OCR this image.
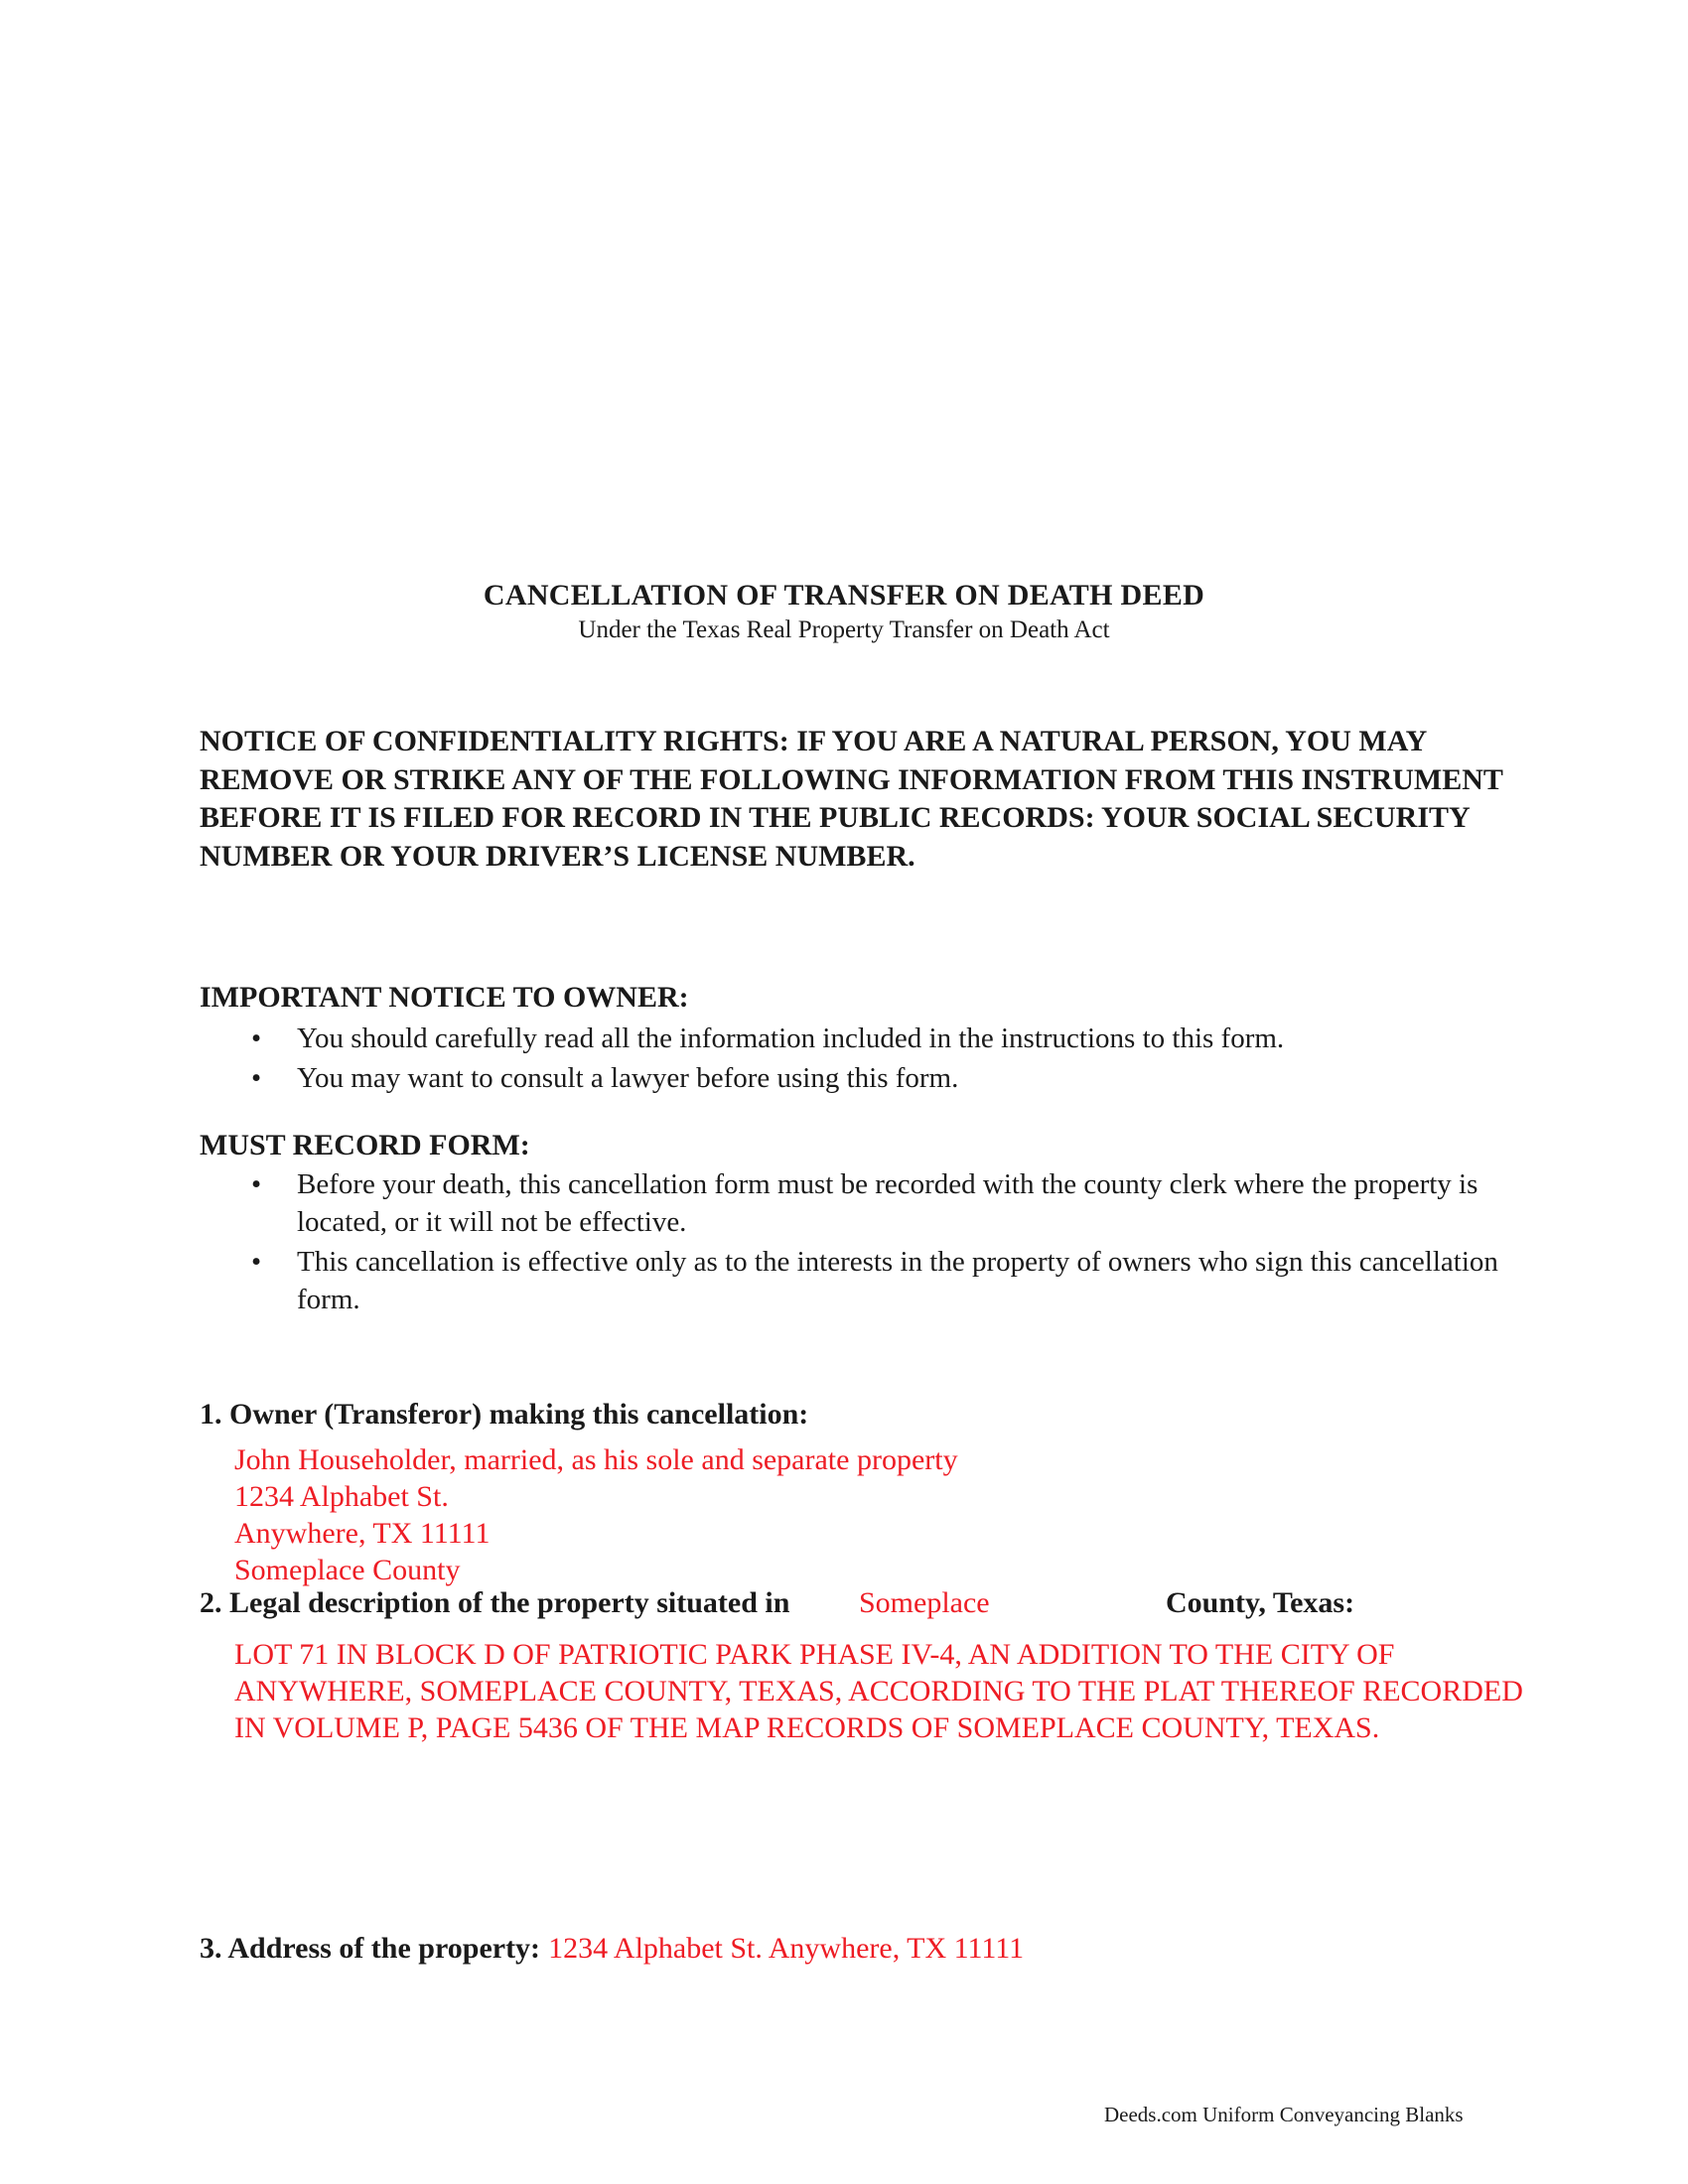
CANCELLATION OF TRANSFER ON DEATH DEED
Under the Texas Real Property Transfer on Death Act
NOTICE OF CONFIDENTIALITY RIGHTS: IF YOU ARE A NATURAL PERSON, YOU MAY REMOVE OR STRIKE ANY OF THE FOLLOWING INFORMATION FROM THIS INSTRUMENT BEFORE IT IS FILED FOR RECORD IN THE PUBLIC RECORDS: YOUR SOCIAL SECURITY NUMBER OR YOUR DRIVER’S LICENSE NUMBER.
IMPORTANT NOTICE TO OWNER:
• You should carefully read all the information included in the instructions to this form.
• You may want to consult a lawyer before using this form.
MUST RECORD FORM:
• Before your death, this cancellation form must be recorded with the county clerk where the property is located, or it will not be effective.
• This cancellation is effective only as to the interests in the property of owners who sign this cancellation form.
1. Owner (Transferor) making this cancellation:
John Householder, married, as his sole and separate property
1234 Alphabet St.
Anywhere, TX 11111
Someplace County
2. Legal description of the property situated in Someplace	County, Texas:
LOT 71 IN BLOCK D OF PATRIOTIC PARK PHASE IV-4, AN ADDITION TO THE CITY OF ANYWHERE, SOMEPLACE COUNTY, TEXAS, ACCORDING TO THE PLAT THEREOF RECORDED IN VOLUME P, PAGE 5436 OF THE MAP RECORDS OF SOMEPLACE COUNTY, TEXAS.
3. Address of the property: 1234 Alphabet St. Anywhere, TX 11111
Deeds.com Uniform Conveyancing Blanks
